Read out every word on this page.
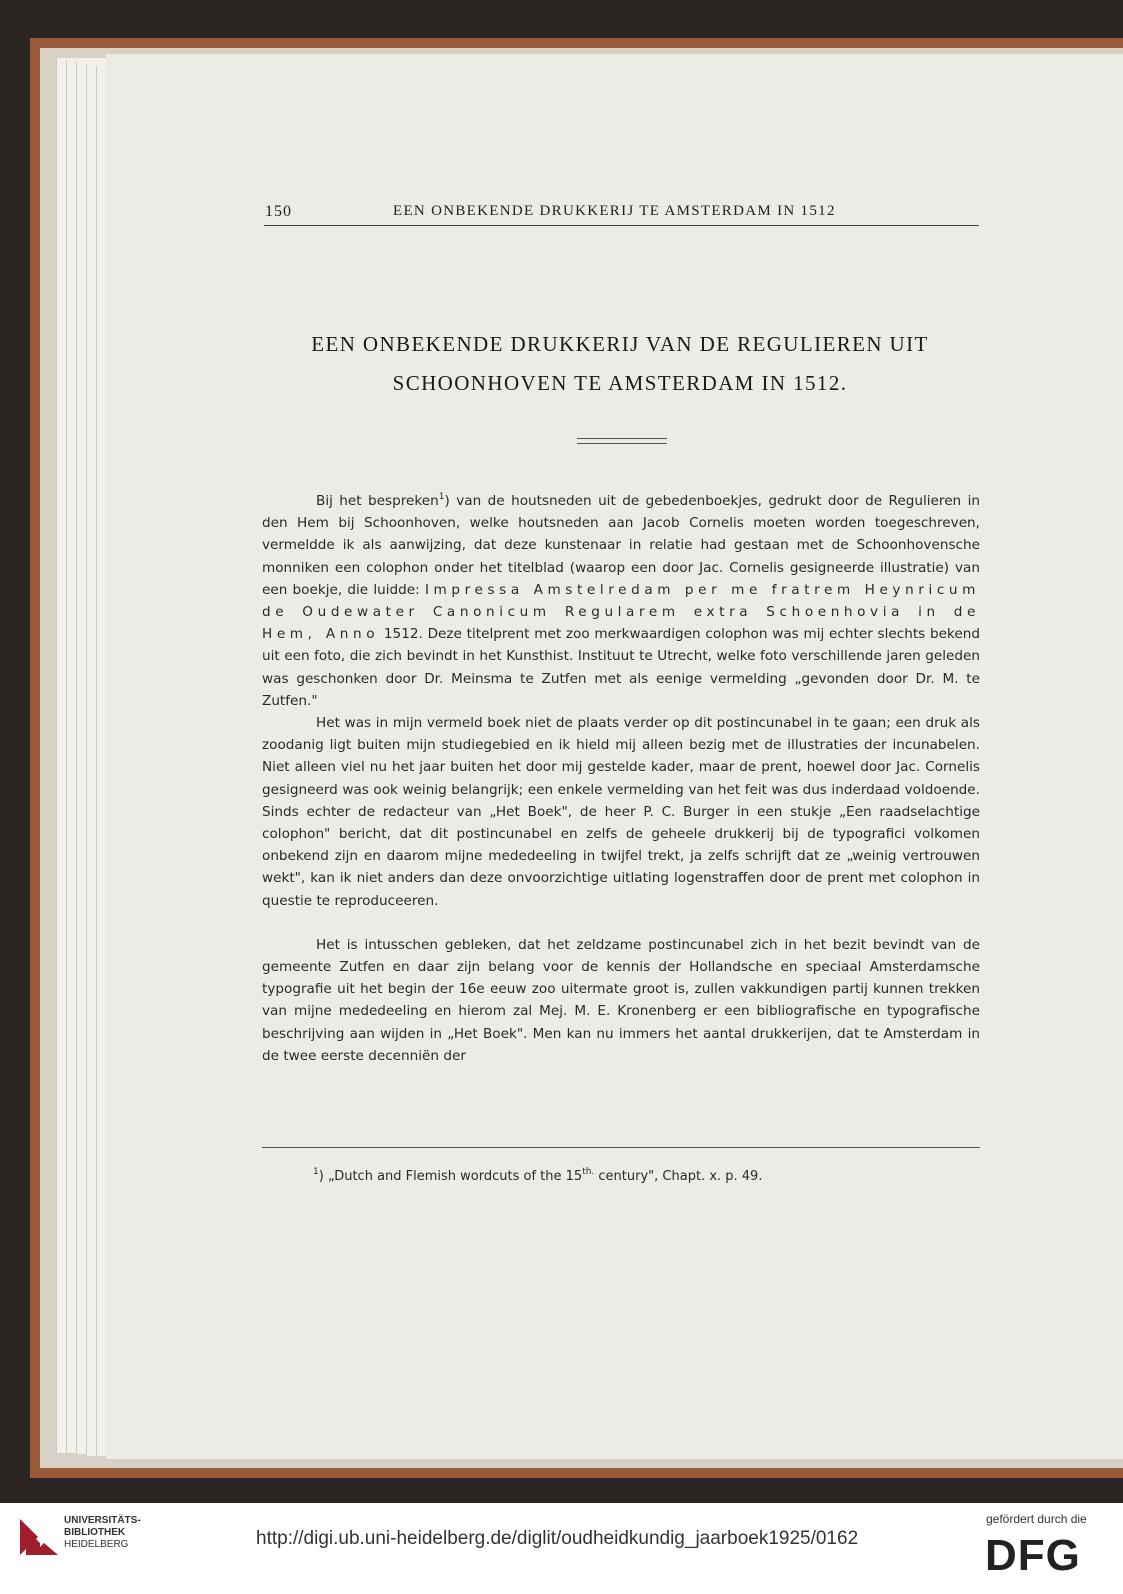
150	EEN ONBEKENDE DRUKKERIJ TE AMSTERDAM IN 1512
EEN ONBEKENDE DRUKKERIJ VAN DE REGULIEREN UIT
SCHOONHOVEN TE AMSTERDAM IN 1512.

Bij het bespreken$^1$) van de houtsneden uit de gebedenboekjes, gedrukt door de Regulieren in den Hem bij Schoonhoven, welke houtsneden aan Jacob Cornelis moeten worden toegeschreven, vermeldde ik als aanwijzing, dat deze kunstenaar in relatie had gestaan met de Schoonhovensche monniken een colophon onder het titelblad (waarop een door Jac. Cornelis gesigneerde illustratie) van een boekje, die luidde: Impressa Amstelredam per me fratrem Heynricum de Oudewater Canonicum Regularem extra Schoenhovia in de Hem, Anno 1512. Deze titelprent met zoo merkwaardigen colophon was mij echter slechts bekend uit een foto, die zich bevindt in het Kunsthist. Instituut te Utrecht, welke foto verschillende jaren geleden was geschonken door Dr. Meinsma te Zutfen met als eenige vermelding „gevonden door Dr. M. te Zutfen."

Het was in mijn vermeld boek niet de plaats verder op dit postincunabel in te gaan; een druk als zoodanig ligt buiten mijn studiegebied en ik hield mij alleen bezig met de illustraties der incunabelen. Niet alleen viel nu het jaar buiten het door mij gestelde kader, maar de prent, hoewel door Jac. Cornelis gesigneerd was ook weinig belangrijk; een enkele vermelding van het feit was dus inderdaad voldoende. Sinds echter de redacteur van „Het Boek", de heer P. C. Burger in een stukje „Een raadselachtige colophon" bericht, dat dit postincunabel en zelfs de geheele drukkerij bij de typografici volkomen onbekend zijn en daarom mijne mededeeling in twijfel trekt, ja zelfs schrijft dat ze „weinig vertrouwen wekt", kan ik niet anders dan deze onvoorzichtige uitlating logenstraffen door de prent met colophon in questie te reproduceeren.

Het is intusschen gebleken, dat het zeldzame postincunabel zich in het bezit bevindt van de gemeente Zutfen en daar zijn belang voor de kennis der Hollandsche en speciaal Amsterdamsche typografie uit het begin der 16e eeuw zoo uitermate groot is, zullen vakkundigen partij kunnen trekken van mijne mededeeling en hierom zal Mej. M. E. Kronenberg er een bibliografische en typografische beschrijving aan wijden in „Het Boek". Men kan nu immers het aantal drukkerijen, dat te Amsterdam in de twee eerste decenniën der

$^1$) „Dutch and Flemish wordcuts of the $15^{th.}$ century", Chapt. x. p. 49.
UNIVERSITÄTS-
BIBLIOTHEK
HEIDELBERG	http://digi.ub.uni-heidelberg.de/diglit/oudheidkundig_jaarboek1925/0162
gefördert durch die
DFG
